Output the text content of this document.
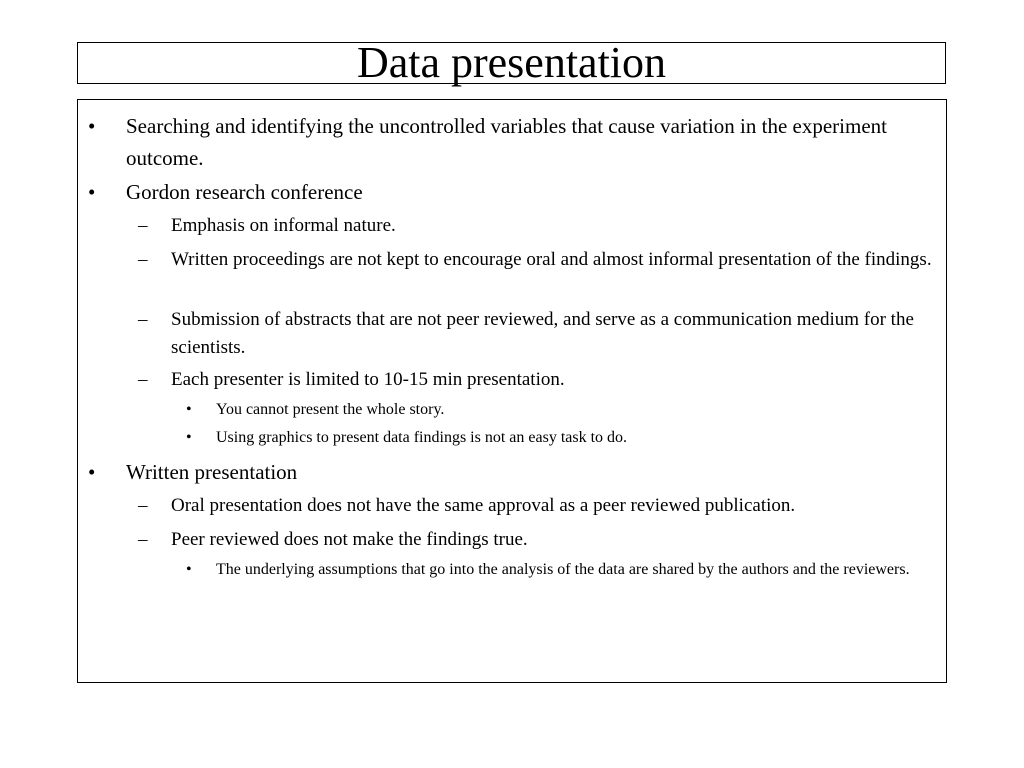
Data presentation
•	Searching and identifying the uncontrolled variables that cause variation in the experiment outcome.
•	Gordon research conference
–	Emphasis on informal nature.
–	Written proceedings are not kept to encourage oral and almost informal presentation of the findings.
–	Submission of abstracts that are not peer reviewed, and serve as a communication medium for the scientists.
–	Each presenter is limited to 10-15 min presentation.
•	You cannot present the whole story.
•	Using graphics to present data findings is not an easy task to do.
•	Written presentation
–	Oral presentation does not have the same approval as a peer reviewed publication.
–	Peer reviewed does not make the findings true.
•	The underlying assumptions that go into the analysis of the data are shared by the authors and the reviewers.
